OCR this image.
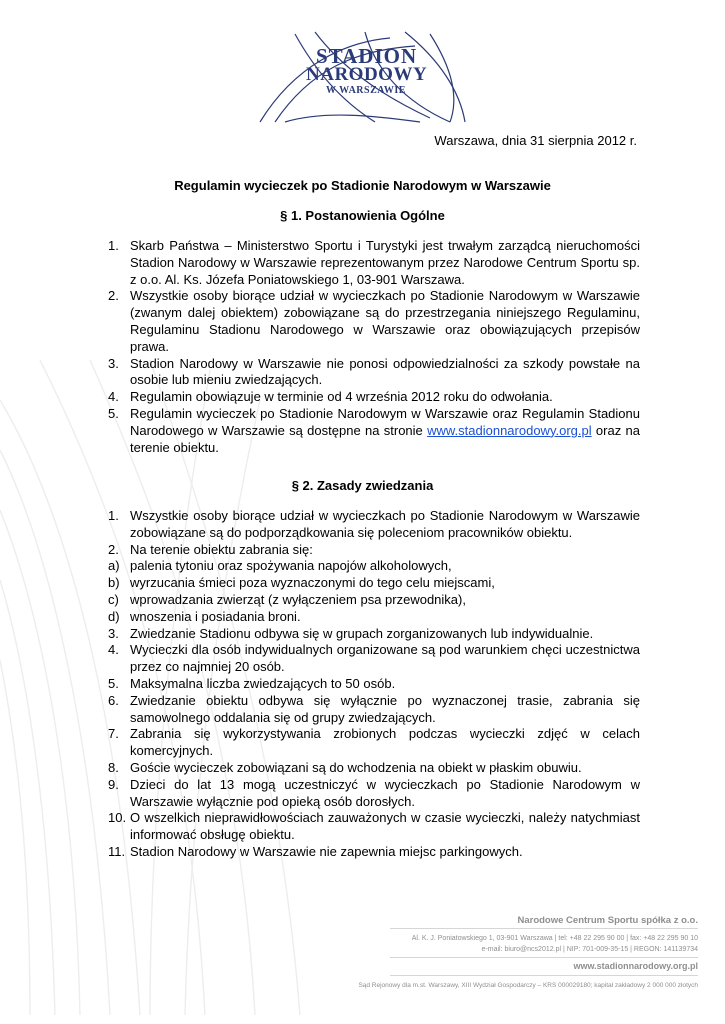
STADION
NARODOWY
W WARSZAWIE
Warszawa, dnia 31 sierpnia 2012 r.
Regulamin wycieczek po Stadionie Narodowym w Warszawie
§ 1. Postanowienia Ogólne
1. Skarb Państwa – Ministerstwo Sportu i Turystyki jest trwałym zarządcą nieruchomości Stadion Narodowy w Warszawie reprezentowanym przez Narodowe Centrum Sportu sp. z o.o. Al. Ks. Józefa Poniatowskiego 1, 03-901 Warszawa.
2. Wszystkie osoby biorące udział w wycieczkach po Stadionie Narodowym w Warszawie (zwanym dalej obiektem) zobowiązane są do przestrzegania niniejszego Regulaminu, Regulaminu Stadionu Narodowego w Warszawie oraz obowiązujących przepisów prawa.
3. Stadion Narodowy w Warszawie nie ponosi odpowiedzialności za szkody powstałe na osobie lub mieniu zwiedzających.
4. Regulamin obowiązuje w terminie od 4 września 2012 roku do odwołania.
5. Regulamin wycieczek po Stadionie Narodowym w Warszawie oraz Regulamin Stadionu Narodowego w Warszawie są dostępne na stronie www.stadionnarodowy.org.pl oraz na terenie obiektu.
§ 2. Zasady zwiedzania
1. Wszystkie osoby biorące udział w wycieczkach po Stadionie Narodowym w Warszawie zobowiązane są do podporządkowania się poleceniom pracowników obiektu.
2. Na terenie obiektu zabrania się:
a) palenia tytoniu oraz spożywania napojów alkoholowych,
b) wyrzucania śmieci poza wyznaczonymi do tego celu miejscami,
c) wprowadzania zwierząt (z wyłączeniem psa przewodnika),
d) wnoszenia i posiadania broni.
3. Zwiedzanie Stadionu odbywa się w grupach zorganizowanych lub indywidualnie.
4. Wycieczki dla osób indywidualnych organizowane są pod warunkiem chęci uczestnictwa przez co najmniej 20 osób.
5. Maksymalna liczba zwiedzających to 50 osób.
6. Zwiedzanie obiektu odbywa się wyłącznie po wyznaczonej trasie, zabrania się samowolnego oddalania się od grupy zwiedzających.
7. Zabrania się wykorzystywania zrobionych podczas wycieczki zdjęć w celach komercyjnych.
8. Goście wycieczek zobowiązani są do wchodzenia na obiekt w płaskim obuwiu.
9. Dzieci do lat 13 mogą uczestniczyć w wycieczkach po Stadionie Narodowym w Warszawie wyłącznie pod opieką osób dorosłych.
10. O wszelkich nieprawidłowościach zauważonych w czasie wycieczki, należy natychmiast informować obsługę obiektu.
11. Stadion Narodowy w Warszawie nie zapewnia miejsc parkingowych.
Narodowe Centrum Sportu spółka z o.o.
Al. K. J. Poniatowskiego 1, 03-901 Warszawa | tel: +48 22 295 90 00 | fax: +48 22 295 90 10
e-mail: biuro@ncs2012.pl | NIP: 701-009-35-15 | REGON: 141139734
www.stadionnarodowy.org.pl
Sąd Rejonowy dla m.st. Warszawy, XIII Wydział Gospodarczy – KRS 000029180; kapitał zakładowy 2 000 000 złotych
